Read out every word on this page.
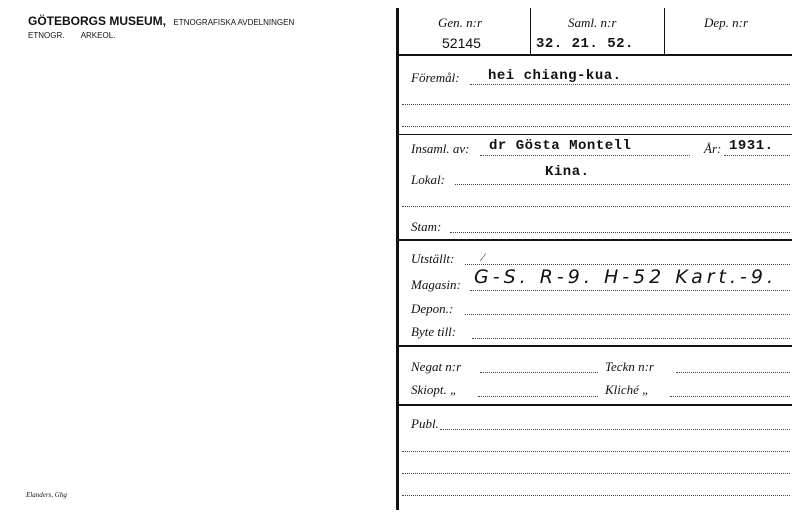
GÖTEBORGS MUSEUM, ETNOGRAFISKA AVDELNINGEN
ETNOGR. ARKEOL.
Elanders, Gbg
Gen. n:r
52145
Saml. n:r
32. 21. 52.
Dep. n:r
Föremål: hei chiang-kua.
Insaml. av: dr Gösta Montell	År: 1931.
Lokal:	Kina.
Stam:
Utställt: ⁄
Magasin: G-S. R-9. H-52 Kart.-9.
Depon.:
Byte till:
Negat n:r	Teckn n:r
Skiopt. „	Kliché „
Publ.
